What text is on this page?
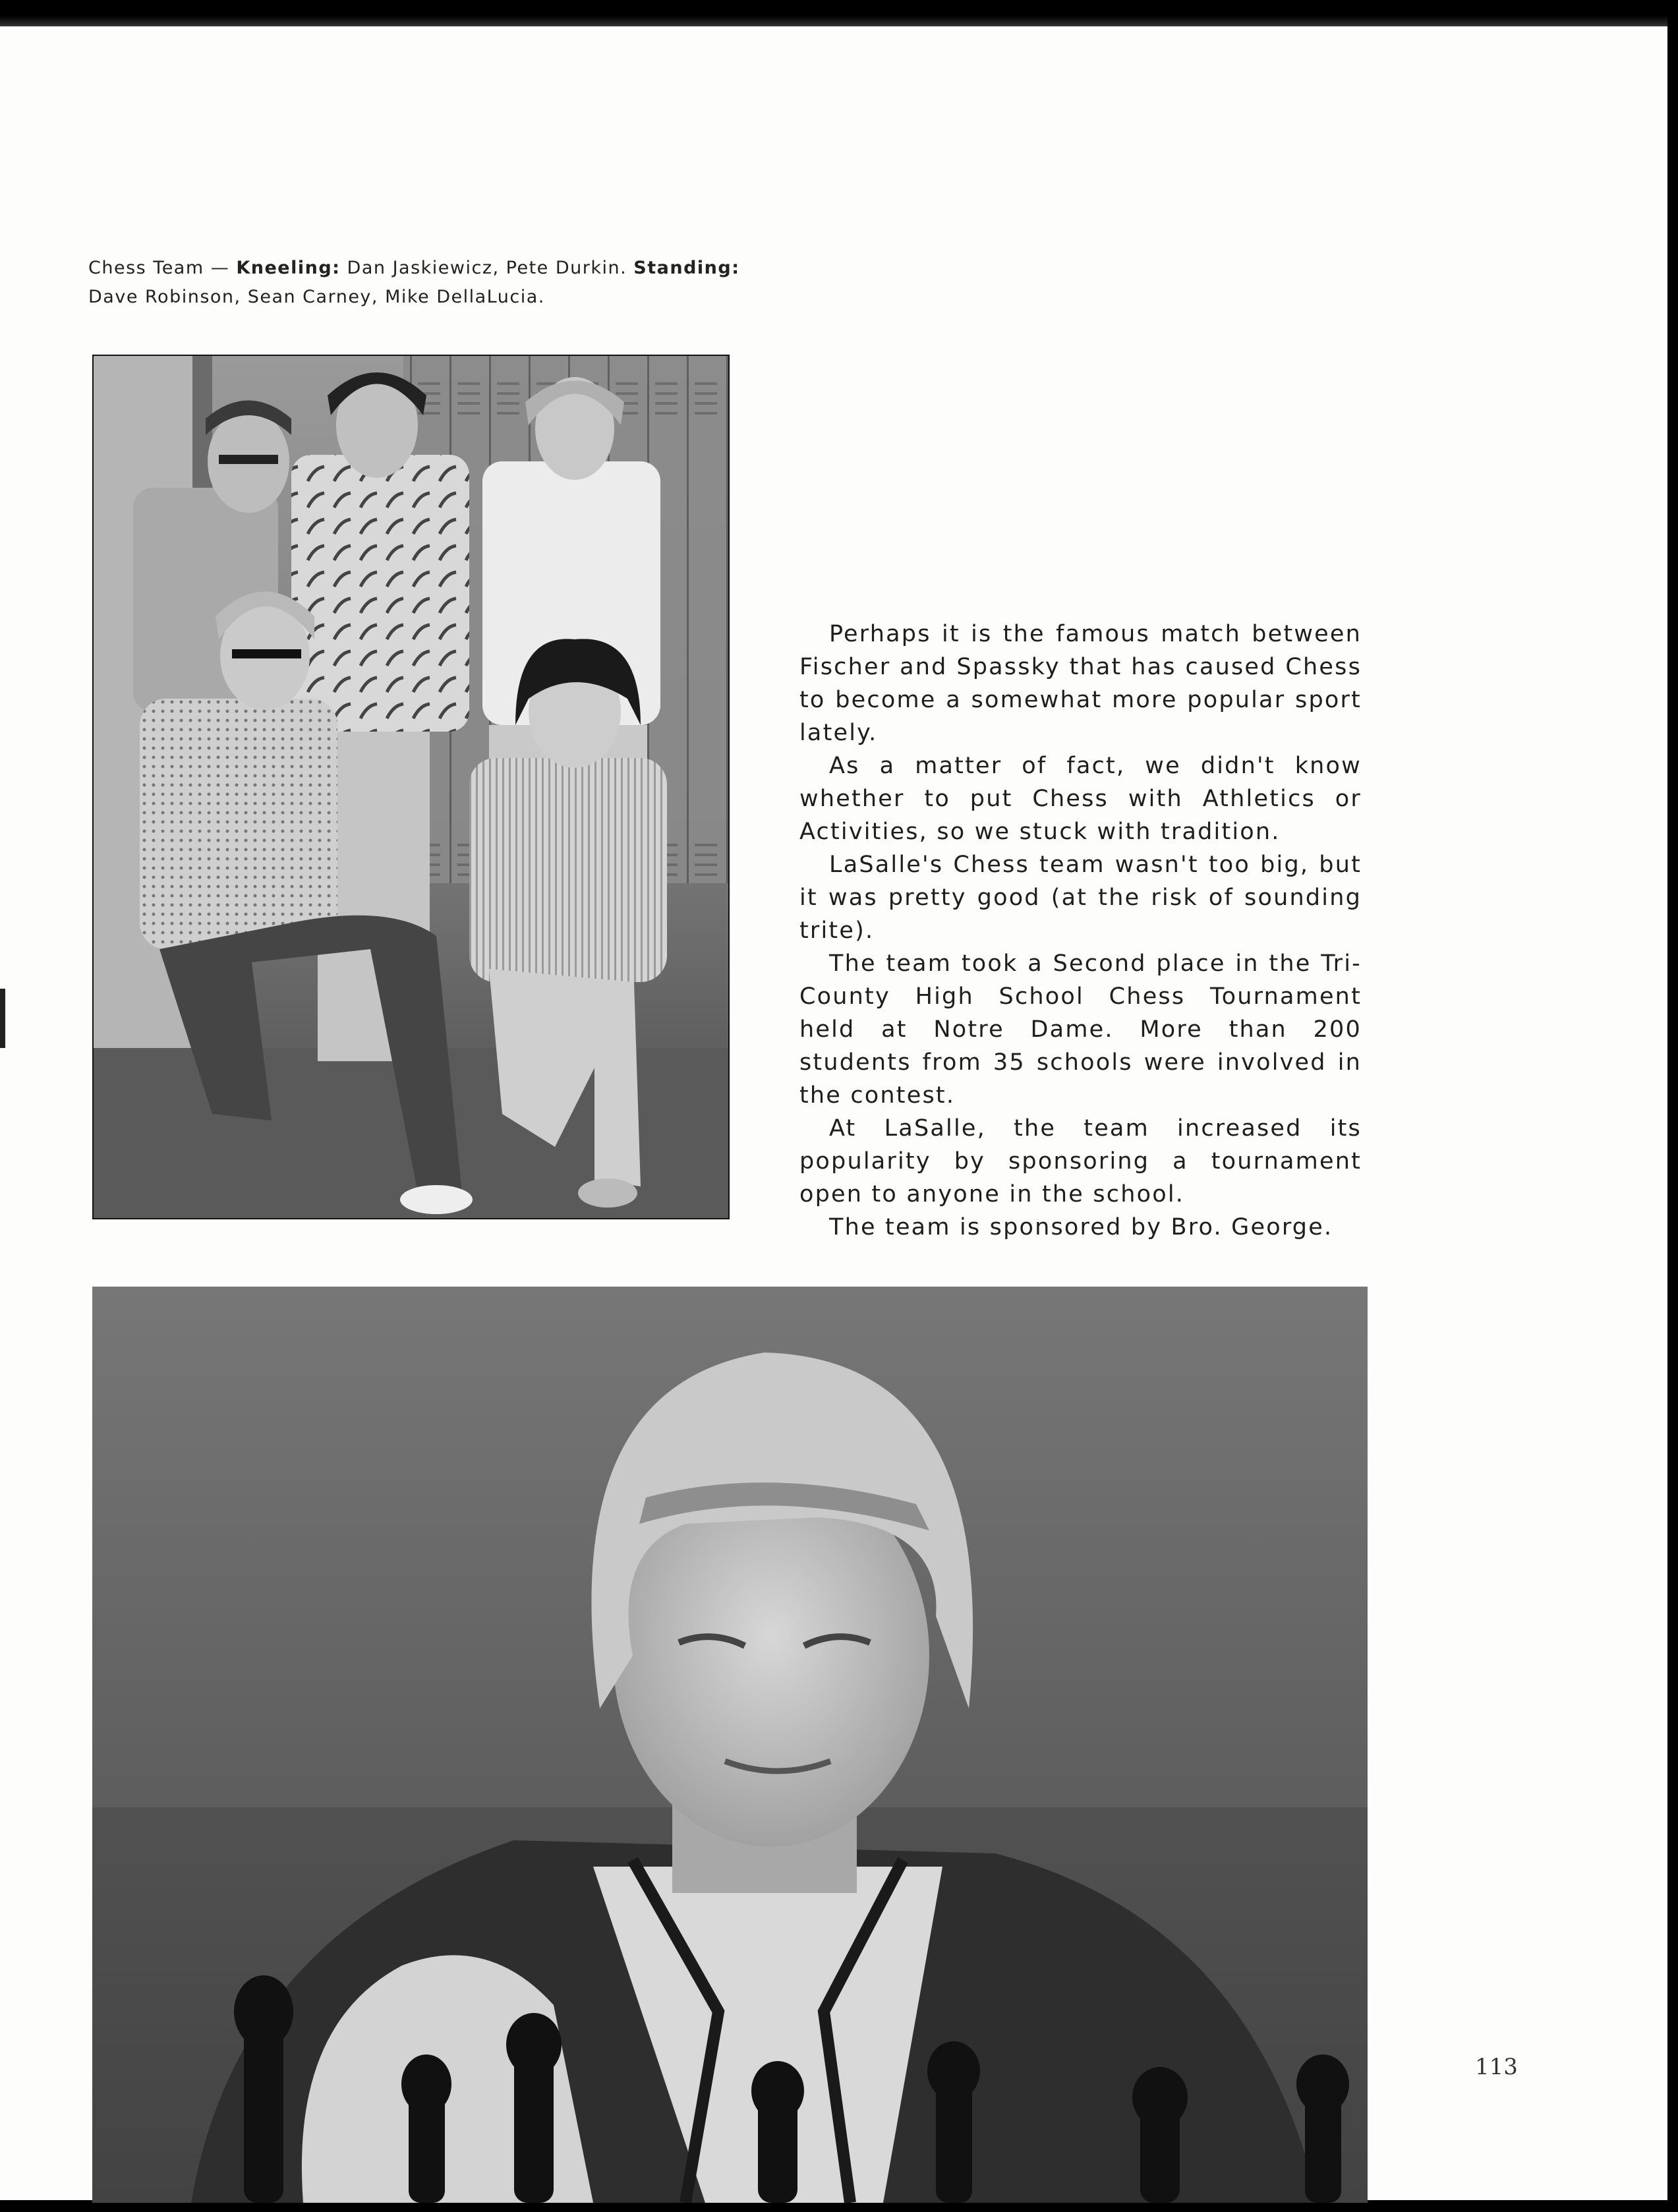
Chess Team — Kneeling: Dan Jaskiewicz, Pete Durkin. Standing: Dave Robinson, Sean Carney, Mike DellaLucia.

Perhaps it is the famous match between Fischer and Spassky that has caused Chess to become a somewhat more popular sport lately.

As a matter of fact, we didn't know whether to put Chess with Athletics or Activities, so we stuck with tradition.

LaSalle's Chess team wasn't too big, but it was pretty good (at the risk of sounding trite).

The team took a Second place in the Tri-County High School Chess Tournament held at Notre Dame. More than 200 students from 35 schools were involved in the contest.

At LaSalle, the team increased its popularity by sponsoring a tournament open to anyone in the school.

The team is sponsored by Bro. George.

113
